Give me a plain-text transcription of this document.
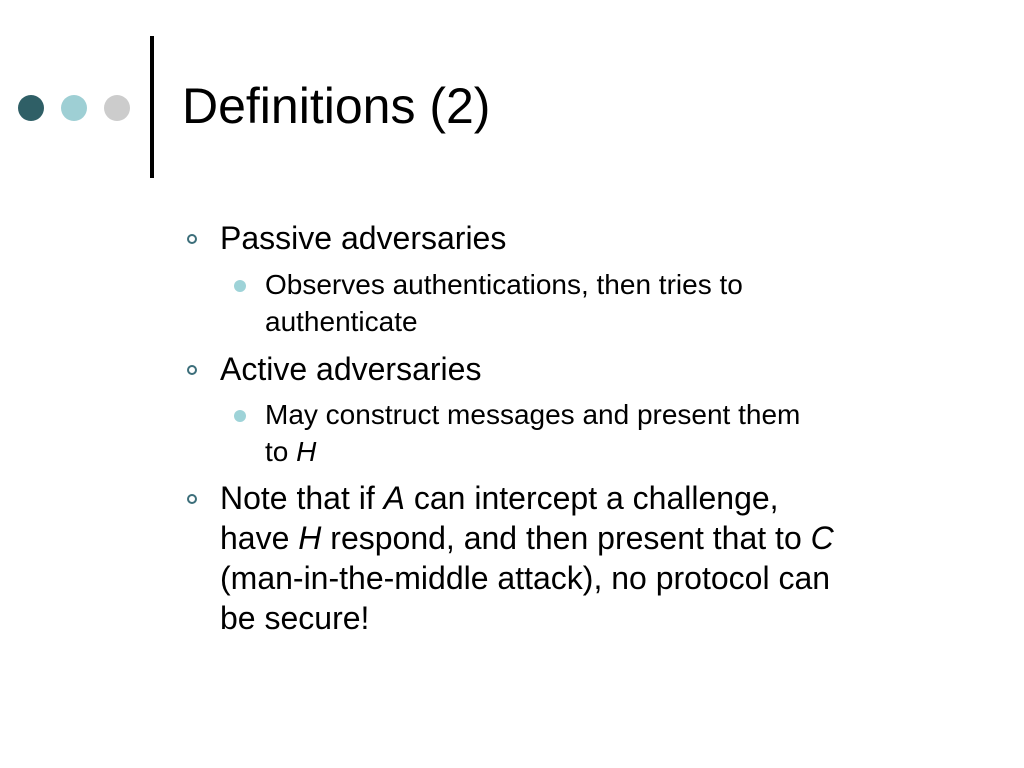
Definitions (2)

Passive adversaries

Observes authentications, then tries to
authenticate

Active adversaries

May construct messages and present them
to H

Note that if A can intercept a challenge,
have H respond, and then present that to C
(man-in-the-middle attack), no protocol can
be secure!
